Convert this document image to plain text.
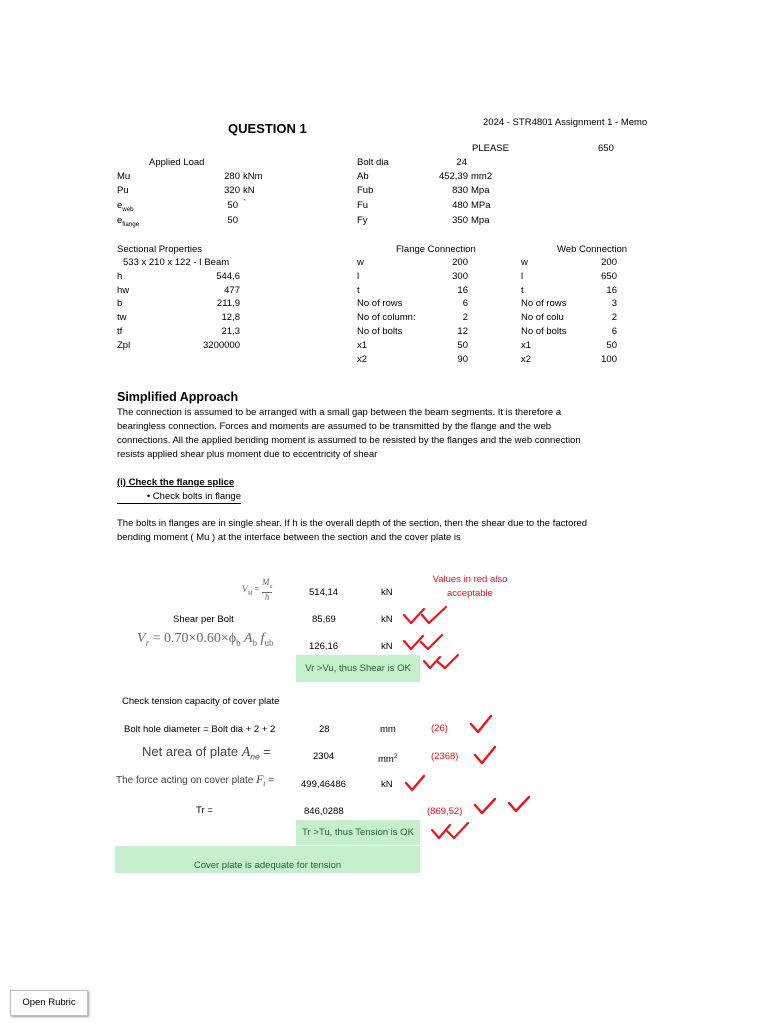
QUESTION 1	2024 - STR4801 Assignment 1 - Memo
PLEASE	650
Applied Load
Mu	280 kNm
Pu	320 kN
$e_{web}$	50 `
$e_{flange}$	50
Bolt dia	24
Ab	452,39 mm2
Fub	830 Mpa
Fu	480 MPa
Fy	350 Mpa
Sectional Properties
533 x 210 x 122 - I Beam
h	544,6
hw	477
b	211,9
tw	12,8
tf	21,3
Zpl	3200000
Flange Connection
w	200
l	300
t	16
No of rows	6
No of column:	2
No of bolts	12
x1	50
x2	90
Web Connection
w	200
l	650
t	16
No of rows	3
No of colu	2
No of bolts	6
x1	50
x2	100
Simplified Approach
The connection is assumed to be arranged with a small gap between the beam segments. It is therefore a bearingless connection. Forces and moments are assumed to be transmitted by the flange and the web connections. All the applied bending moment is assumed to be resisted by the flanges and the web connection resists applied shear plus moment due to eccentricity of shear
(i) Check the flange splice
• Check bolts in flange
The bolts in flanges are in single shear. If h is the overall depth of the section, then the shear due to the factored bending moment ( Mu ) at the interface between the section and the cover plate is
Values in red also acceptable
$V_M = \frac{M_u}{h}$	514,14	kN
Shear per Bolt	85,69	kN
$V_r = 0.70\times 0.60\times\phi_b$ $A_b$ $f_{ub}$	126,16	kN
Vr >Vu, thus Shear is OK
Check tension capacity of cover plate
Bolt hole diameter = Bolt dia + 2 + 2	28	mm	(26)
Net area of plate $A_{ne}$ =	2304	$mm^2$	(2368)
The force acting on cover plate $F_t$ =	499,46486	kN
Tr =	846,0288	(869,52)
Tr >Tu, thus Tension is OK
Cover plate is adequate for tension
Open Rubric
